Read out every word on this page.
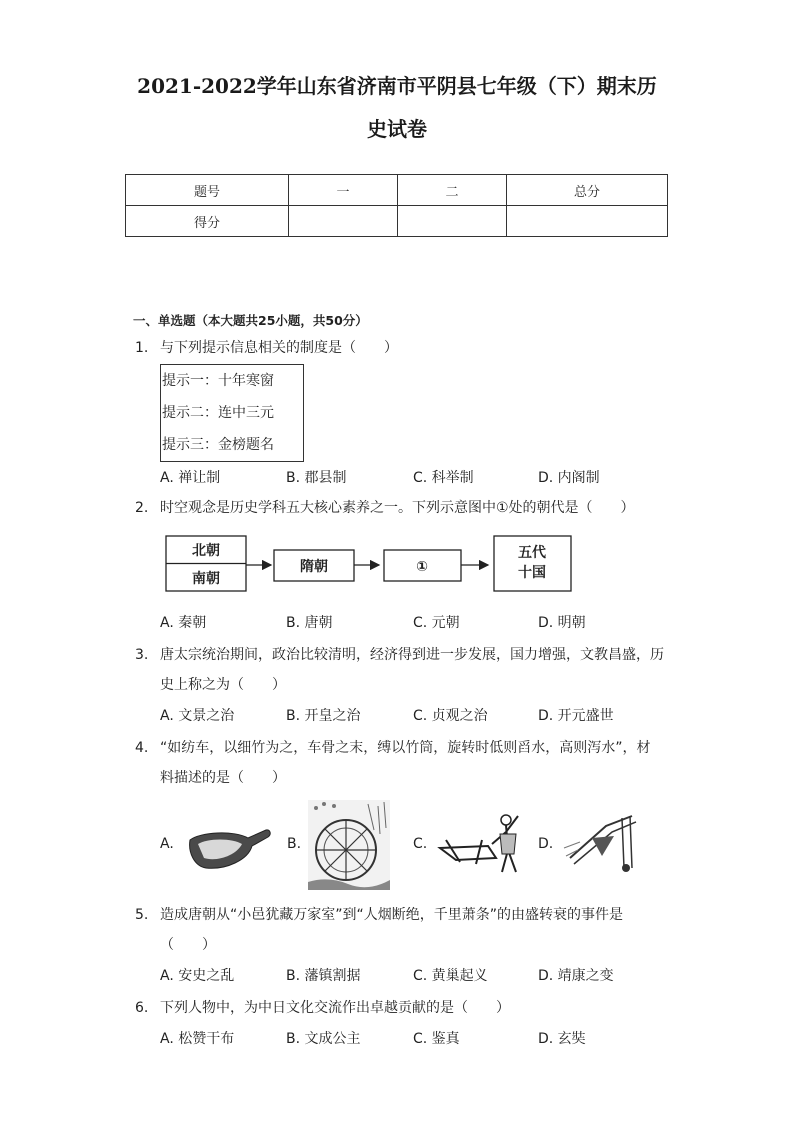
2021-2022学年山东省济南市平阴县七年级（下）期末历
史试卷
题号	一	二	总分
得分			
一、单选题（本大题共25小题，共50分）
1. 与下列提示信息相关的制度是（　　）
提示一：十年寒窗
提示二：连中三元
提示三：金榜题名
A. 禅让制	B. 郡县制	C. 科举制	D. 内阁制
2. 时空观念是历史学科五大核心素养之一。下列示意图中①处的朝代是（　　）
北朝
南朝
隋朝	①
五代
十国
A. 秦朝	B. 唐朝	C. 元朝	D. 明朝
3. 唐太宗统治期间，政治比较清明，经济得到进一步发展，国力增强，文教昌盛，历
史上称之为（　　）
A. 文景之治	B. 开皇之治	C. 贞观之治	D. 开元盛世
4. “如纺车，以细竹为之，车骨之末，缚以竹筒，旋转时低则舀水，高则泻水”，材
料描述的是（　　）
A.	B.	C.	D.
5. 造成唐朝从“小邑犹藏万家室”到“人烟断绝，千里萧条”的由盛转衰的事件是
（　　）
A. 安史之乱	B. 藩镇割据	C. 黄巢起义	D. 靖康之变
6. 下列人物中，为中日文化交流作出卓越贡献的是（　　）
A. 松赞干布	B. 文成公主	C. 鉴真	D. 玄奘
